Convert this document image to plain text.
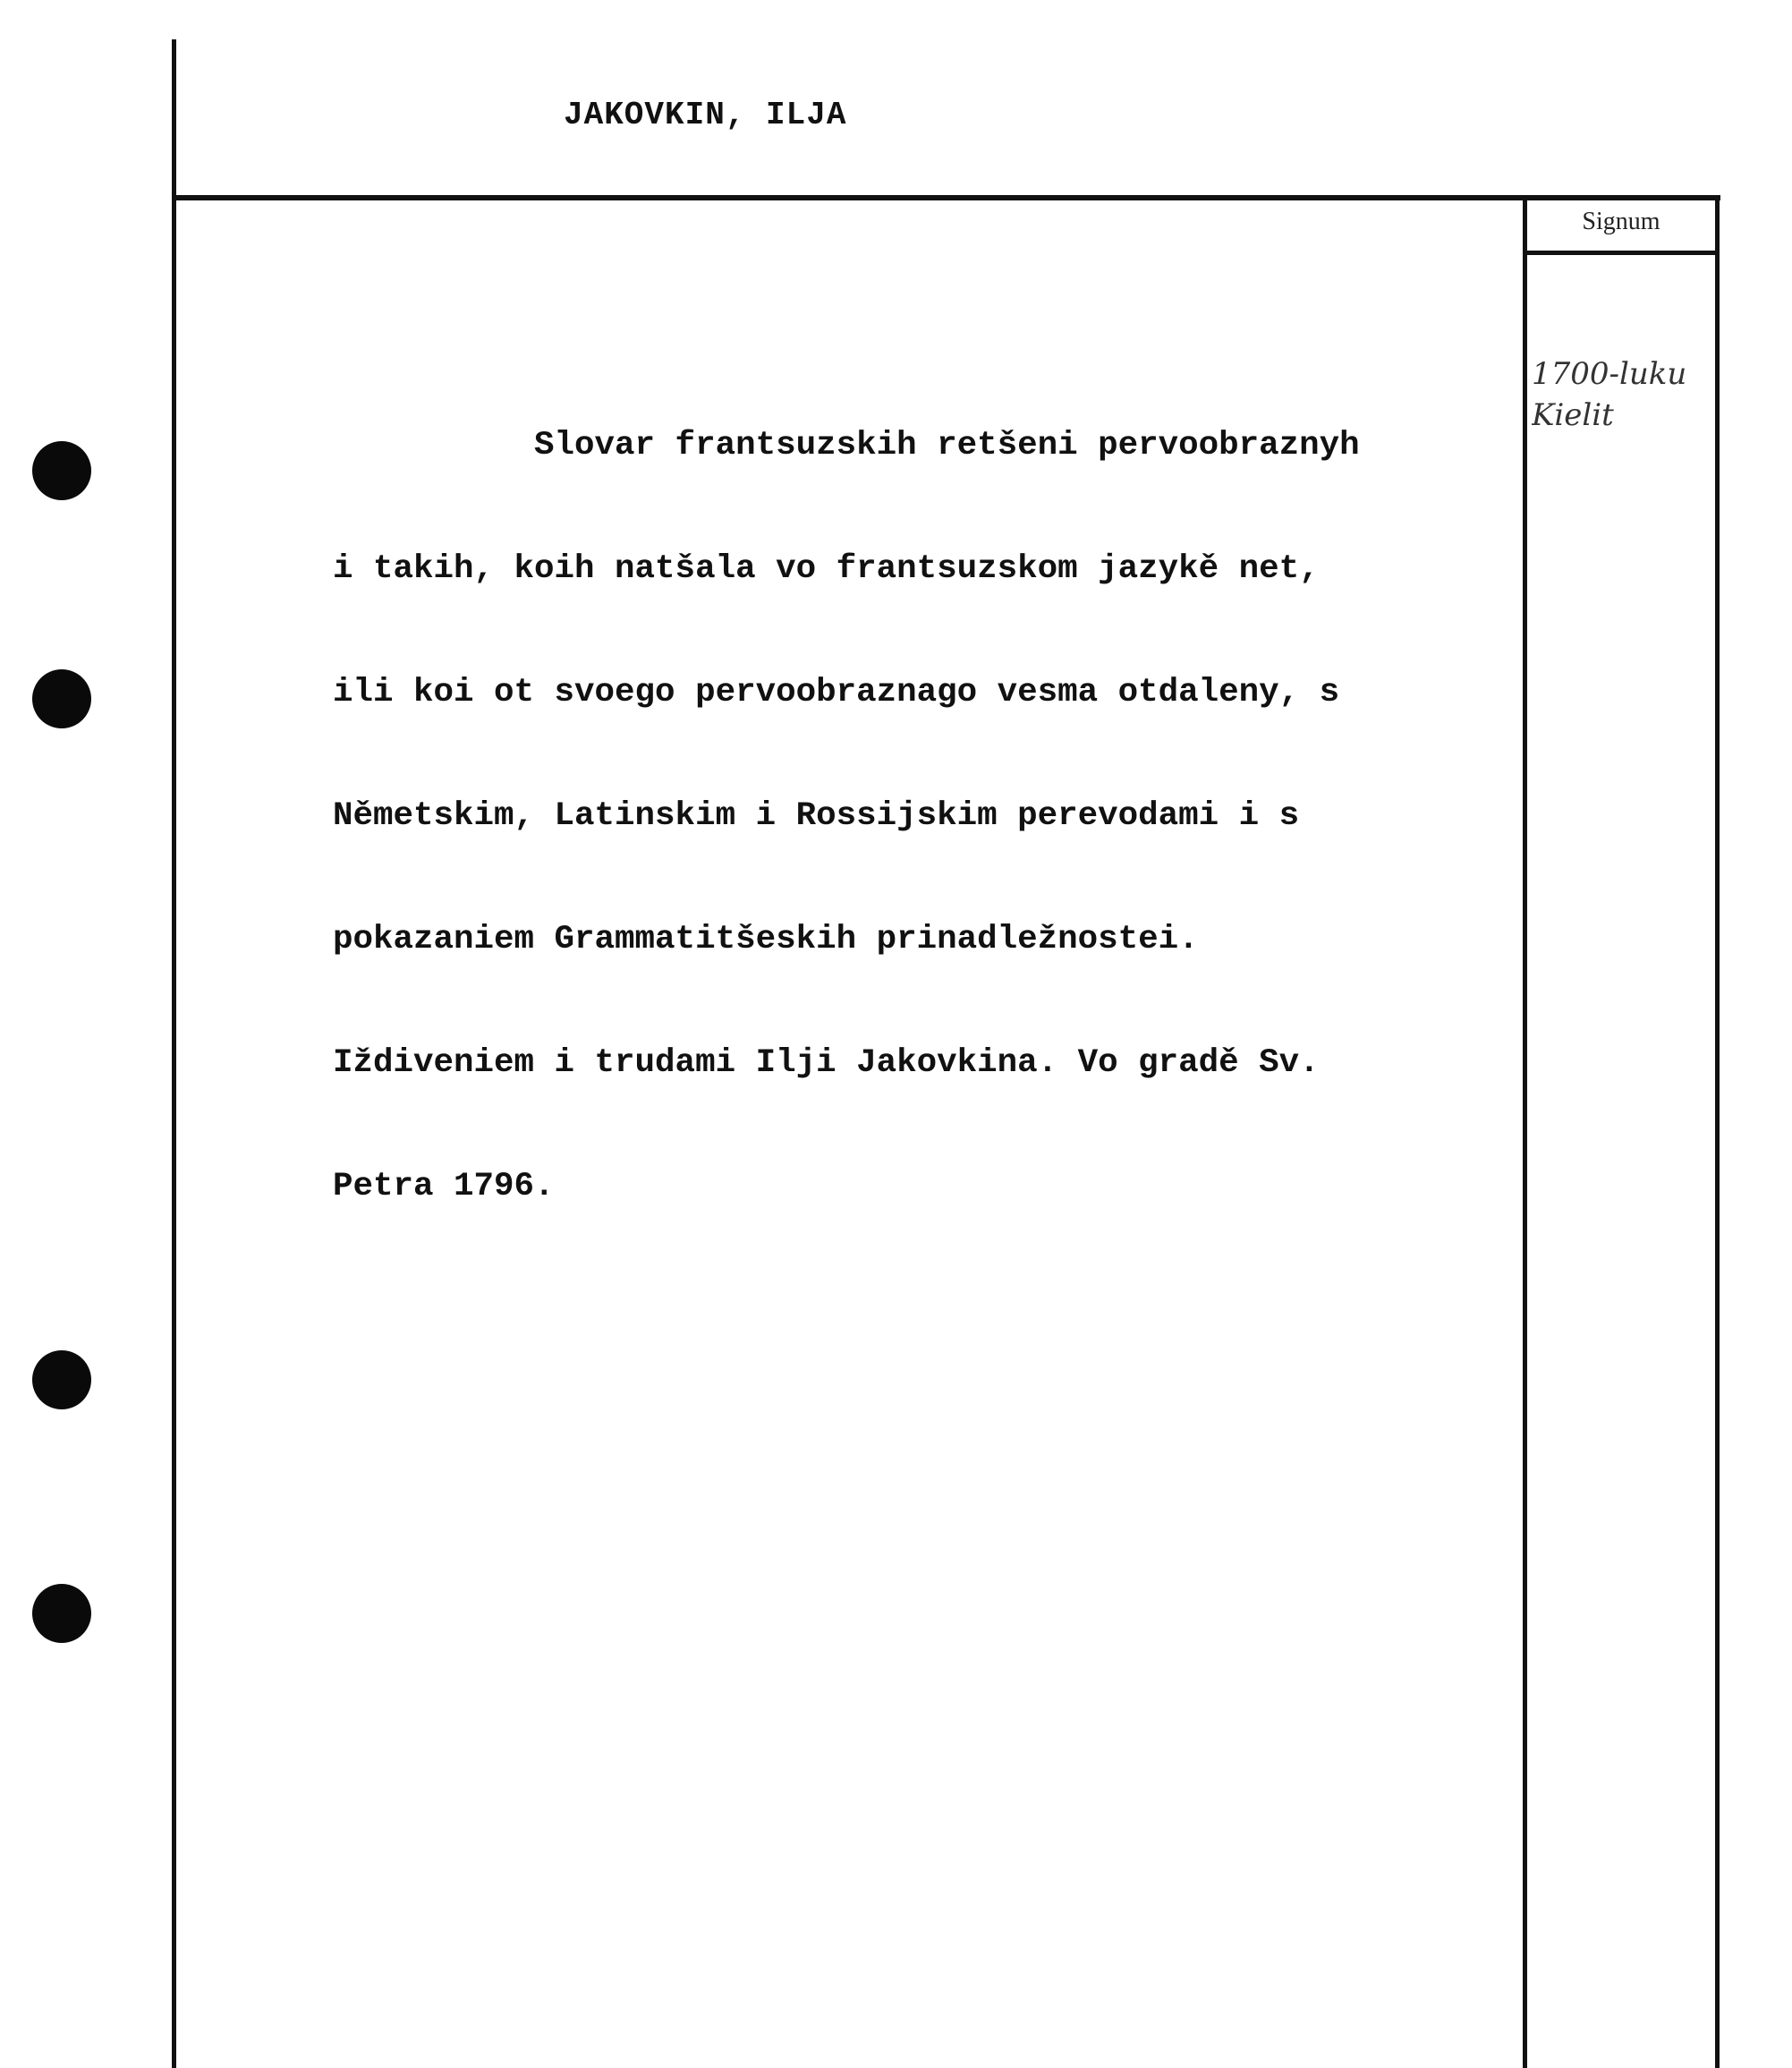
JAKOVKIN, ILJA
Signum

Slovar frantsuzskih retšeni pervoobraznyh

i takih, koih natšala vo frantsuzskom jazykě net,

ili koi ot svoego pervoobraznago vesma otdaleny, s

Němetskim, Latinskim i Rossijskim perevodami i s

pokazaniem Grammatitšeskih prinadležnostei.

Iždiveniem i trudami Ilji Jakovkina. Vo gradě Sv.

Petra 1796.

1700-luku
Kielit
